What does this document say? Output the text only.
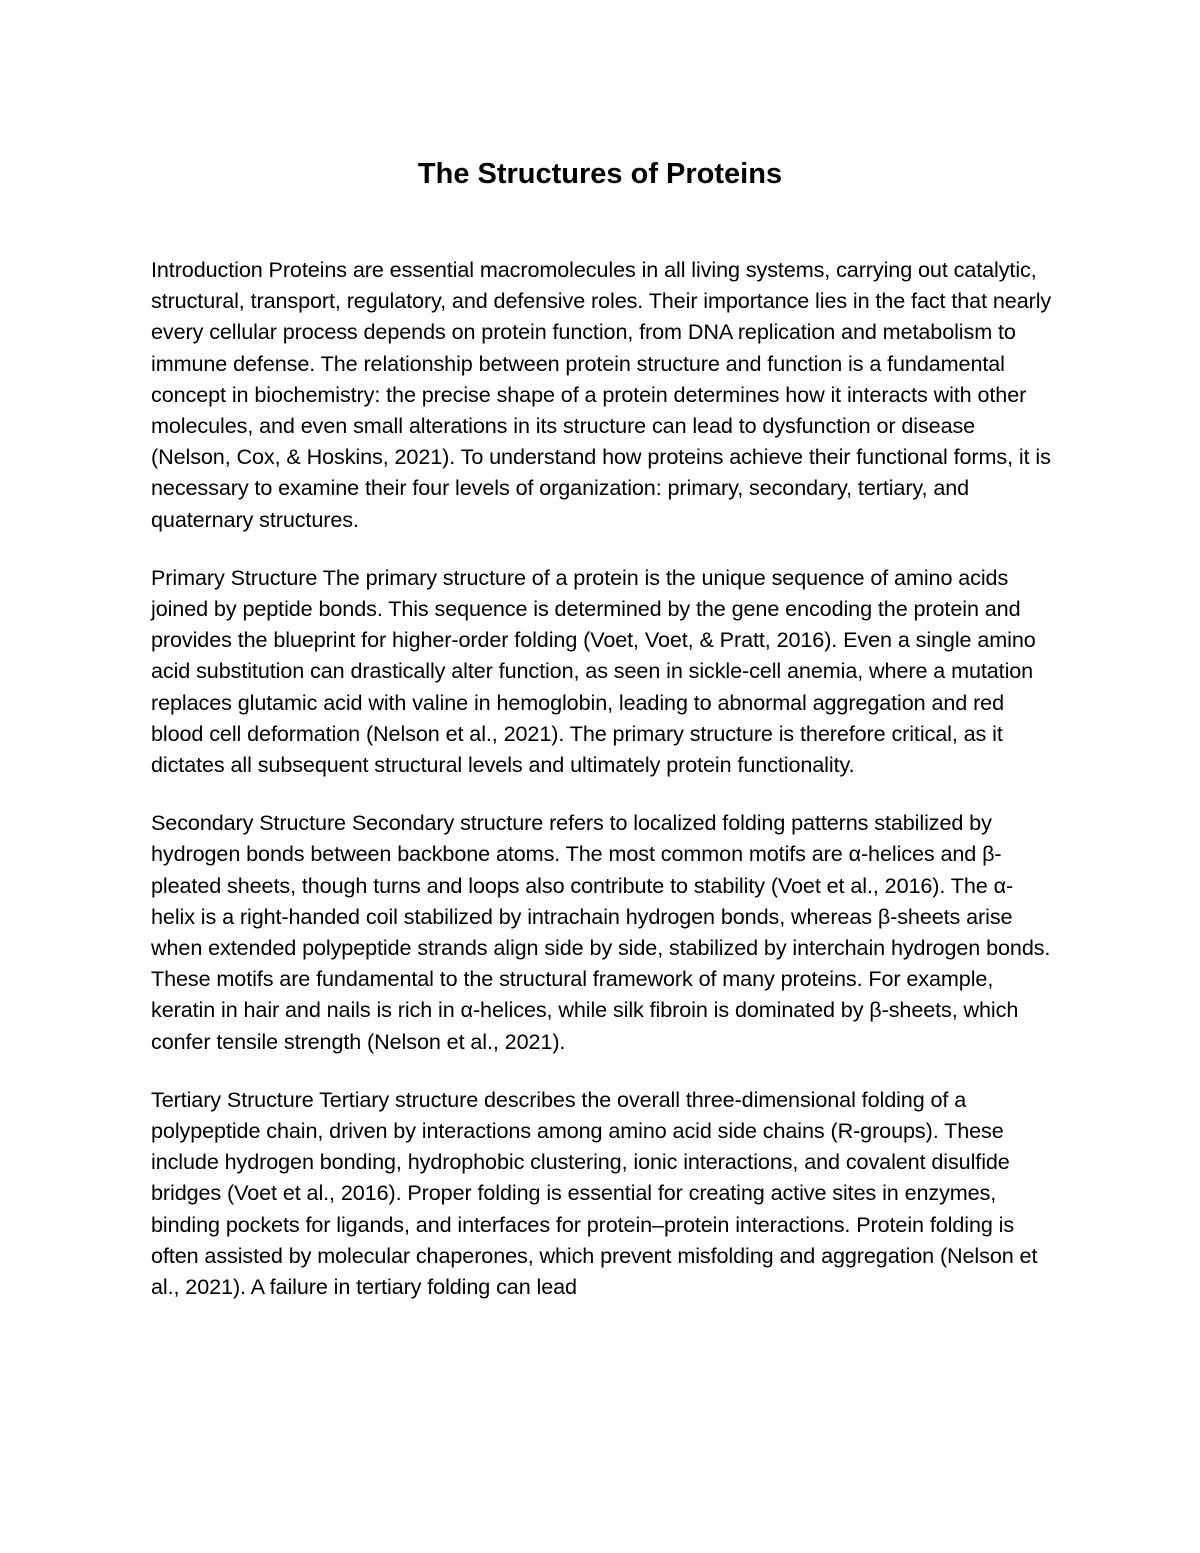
The Structures of Proteins

Introduction Proteins are essential macromolecules in all living systems, carrying out catalytic, structural, transport, regulatory, and defensive roles. Their importance lies in the fact that nearly every cellular process depends on protein function, from DNA replication and metabolism to immune defense. The relationship between protein structure and function is a fundamental concept in biochemistry: the precise shape of a protein determines how it interacts with other molecules, and even small alterations in its structure can lead to dysfunction or disease (Nelson, Cox, & Hoskins, 2021). To understand how proteins achieve their functional forms, it is necessary to examine their four levels of organization: primary, secondary, tertiary, and quaternary structures.

Primary Structure The primary structure of a protein is the unique sequence of amino acids joined by peptide bonds. This sequence is determined by the gene encoding the protein and provides the blueprint for higher-order folding (Voet, Voet, & Pratt, 2016). Even a single amino acid substitution can drastically alter function, as seen in sickle-cell anemia, where a mutation replaces glutamic acid with valine in hemoglobin, leading to abnormal aggregation and red blood cell deformation (Nelson et al., 2021). The primary structure is therefore critical, as it dictates all subsequent structural levels and ultimately protein functionality.

Secondary Structure Secondary structure refers to localized folding patterns stabilized by hydrogen bonds between backbone atoms. The most common motifs are α-helices and β-pleated sheets, though turns and loops also contribute to stability (Voet et al., 2016). The α-helix is a right-handed coil stabilized by intrachain hydrogen bonds, whereas β-sheets arise when extended polypeptide strands align side by side, stabilized by interchain hydrogen bonds. These motifs are fundamental to the structural framework of many proteins. For example, keratin in hair and nails is rich in α-helices, while silk fibroin is dominated by β-sheets, which confer tensile strength (Nelson et al., 2021).

Tertiary Structure Tertiary structure describes the overall three-dimensional folding of a polypeptide chain, driven by interactions among amino acid side chains (R-groups). These include hydrogen bonding, hydrophobic clustering, ionic interactions, and covalent disulfide bridges (Voet et al., 2016). Proper folding is essential for creating active sites in enzymes, binding pockets for ligands, and interfaces for protein–protein interactions. Protein folding is often assisted by molecular chaperones, which prevent misfolding and aggregation (Nelson et al., 2021). A failure in tertiary folding can lead
